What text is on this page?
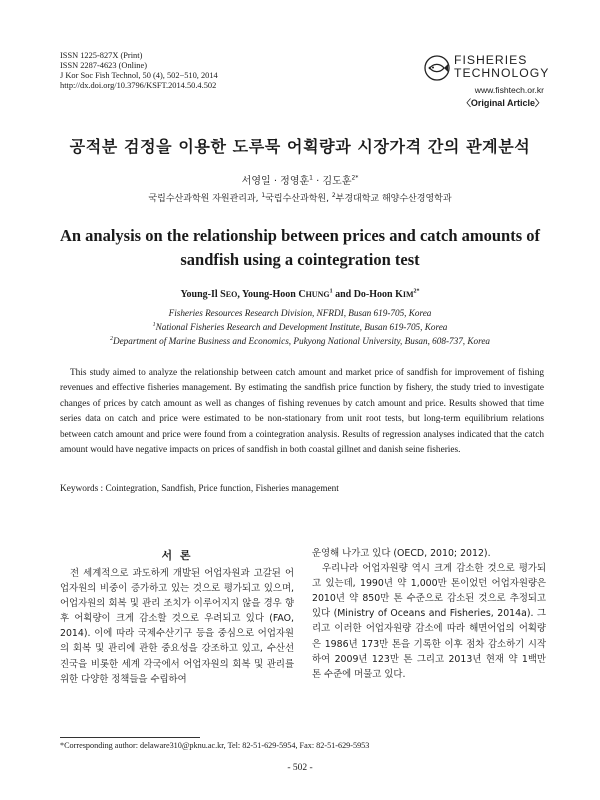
ISSN 1225-827X (Print)
ISSN 2287-4623 (Online)
J Kor Soc Fish Technol, 50 (4), 502−510, 2014
http://dx.doi.org/10.3796/KSFT.2014.50.4.502
FISHERIES
TECHNOLOGY
www.fishtech.or.kr
〈Original Article〉
공적분 검정을 이용한 도루묵 어획량과 시장가격 간의 관계분석
서영일 · 정영훈$^1$ · 김도훈$^{2*}$
국립수산과학원 자원관리과, $^1$국립수산과학원, $^2$부경대학교 해양수산경영학과
An analysis on the relationship between prices and catch amounts of
sandfish using a cointegration test
Young-Il SEO, Young-Hoon CHUNG$^1$ and Do-Hoon $KIM^{2*}$
Fisheries Resources Research Division, NFRDI, Busan 619-705, Korea
$^1$National Fisheries Research and Development Institute, Busan 619-705, Korea
$^2$Department of Marine Business and Economics, Pukyong National University, Busan, 608-737, Korea
This study aimed to analyze the relationship between catch amount and market price of sandfish for improvement of fishing revenues and effective fisheries management. By estimating the sandfish price function by fishery, the study tried to investigate changes of prices by catch amount as well as changes of fishing revenues by catch amount and price. Results showed that time series data on catch and price were estimated to be non-stationary from unit root tests, but long-term equilibrium relations between catch amount and price were found from a cointegration analysis. Results of regression analyses indicated that the catch amount would have negative impacts on prices of sandfish in both coastal gillnet and danish seine fisheries.
Keywords : Cointegration, Sandfish, Price function, Fisheries management
서 론

전 세계적으로 과도하게 개발된 어업자원과 고갈된 어업자원의 비중이 증가하고 있는 것으로 평가되고 있으며, 어업자원의 회복 및 관리 조치가 이루어지지 않을 경우 향후 어획량이 크게 감소할 것으로 우려되고 있다 (FAO, 2014). 이에 따라 국제수산기구 등을 중심으로 어업자원의 회복 및 관리에 관한 중요성을 강조하고 있고, 수산선진국을 비롯한 세계 각국에서 어업자원의 회복 및 관리를 위한 다양한 정책들을 수립하여

운영해 나가고 있다 (OECD, 2010; 2012).

우리나라 어업자원량 역시 크게 감소한 것으로 평가되고 있는데, 1990년 약 1,000만 톤이었던 어업자원량은 2010년 약 850만 톤 수준으로 감소된 것으로 추정되고 있다 (Ministry of Oceans and Fisheries, 2014a). 그리고 이러한 어업자원량 감소에 따라 해면어업의 어획량은 1986년 173만 톤을 기록한 이후 점차 감소하기 시작하여 2009년 123만 톤 그리고 2013년 현재 약 1백만 톤 수준에 머물고 있다.

*Corresponding author: delaware310@pknu.ac.kr, Tel: 82-51-629-5954, Fax: 82-51-629-5953
- 502 -
